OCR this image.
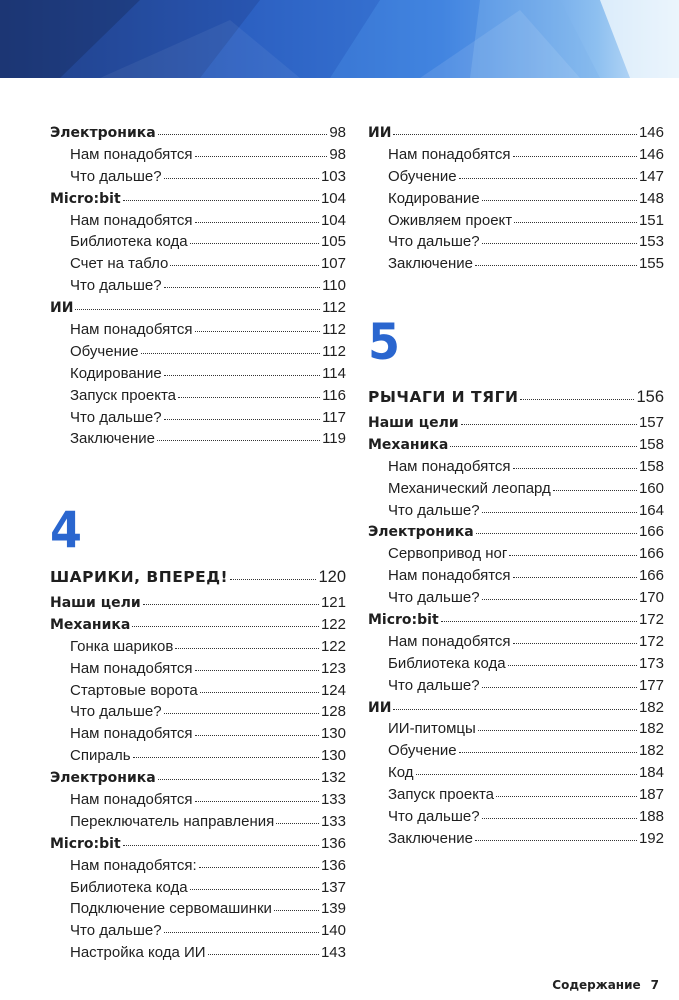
Электроника	98
Нам понадобятся	98
Что дальше?	103
Micro:bit	104
Нам понадобятся	104
Библиотека кода	105
Счет на табло	107
Что дальше?	110
ИИ	112
Нам понадобятся	112
Обучение	112
Кодирование	114
Запуск проекта	116
Что дальше?	117
Заключение	119
4
ШАРИКИ, ВПЕРЕД!	120
Наши цели	121
Механика	122
Гонка шариков	122
Нам понадобятся	123
Стартовые ворота	124
Что дальше?	128
Нам понадобятся	130
Спираль	130
Электроника	132
Нам понадобятся	133
Переключатель направления	133
Micro:bit	136
Нам понадобятся:	136
Библиотека кода	137
Подключение сервомашинки	139
Что дальше?	140
Настройка кода ИИ	143
ИИ	146
Нам понадобятся	146
Обучение	147
Кодирование	148
Оживляем проект	151
Что дальше?	153
Заключение	155
5
РЫЧАГИ И ТЯГИ	156
Наши цели	157
Механика	158
Нам понадобятся	158
Механический леопард	160
Что дальше?	164
Электроника	166
Сервопривод ног	166
Нам понадобятся	166
Что дальше?	170
Micro:bit	172
Нам понадобятся	172
Библиотека кода	173
Что дальше?	177
ИИ	182
ИИ-питомцы	182
Обучение	182
Код	184
Запуск проекта	187
Что дальше?	188
Заключение	192
Содержание 7
